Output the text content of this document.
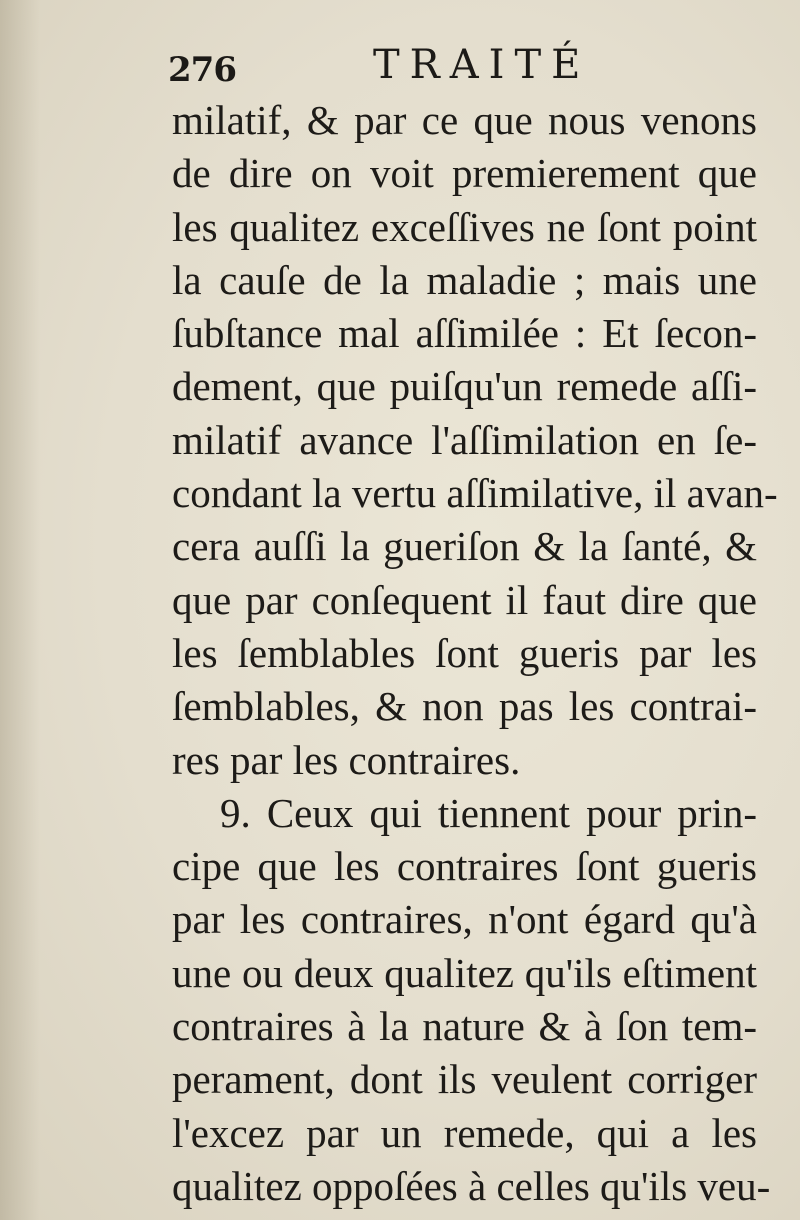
276	TRAITÉ
milatif, & par ce que nous venons
de dire on voit premierement que
les qualitez exceſſives ne ſont point
la cauſe de la maladie ; mais une
ſubſtance mal aſſimilée : Et ſecon-
dement, que puiſqu'un remede aſſi-
milatif avance l'aſſimilation en ſe-
condant la vertu aſſimilative, il avan-
cera auſſi la gueriſon & la ſanté, &
que par conſequent il faut dire que
les ſemblables ſont gueris par les
ſemblables, & non pas les contrai-
res par les contraires.
9. Ceux qui tiennent pour prin-
cipe que les contraires ſont gueris
par les contraires, n'ont égard qu'à
une ou deux qualitez qu'ils eſtiment
contraires à la nature & à ſon tem-
perament, dont ils veulent corriger
l'excez par un remede, qui a les
qualitez oppoſées à celles qu'ils veu-
